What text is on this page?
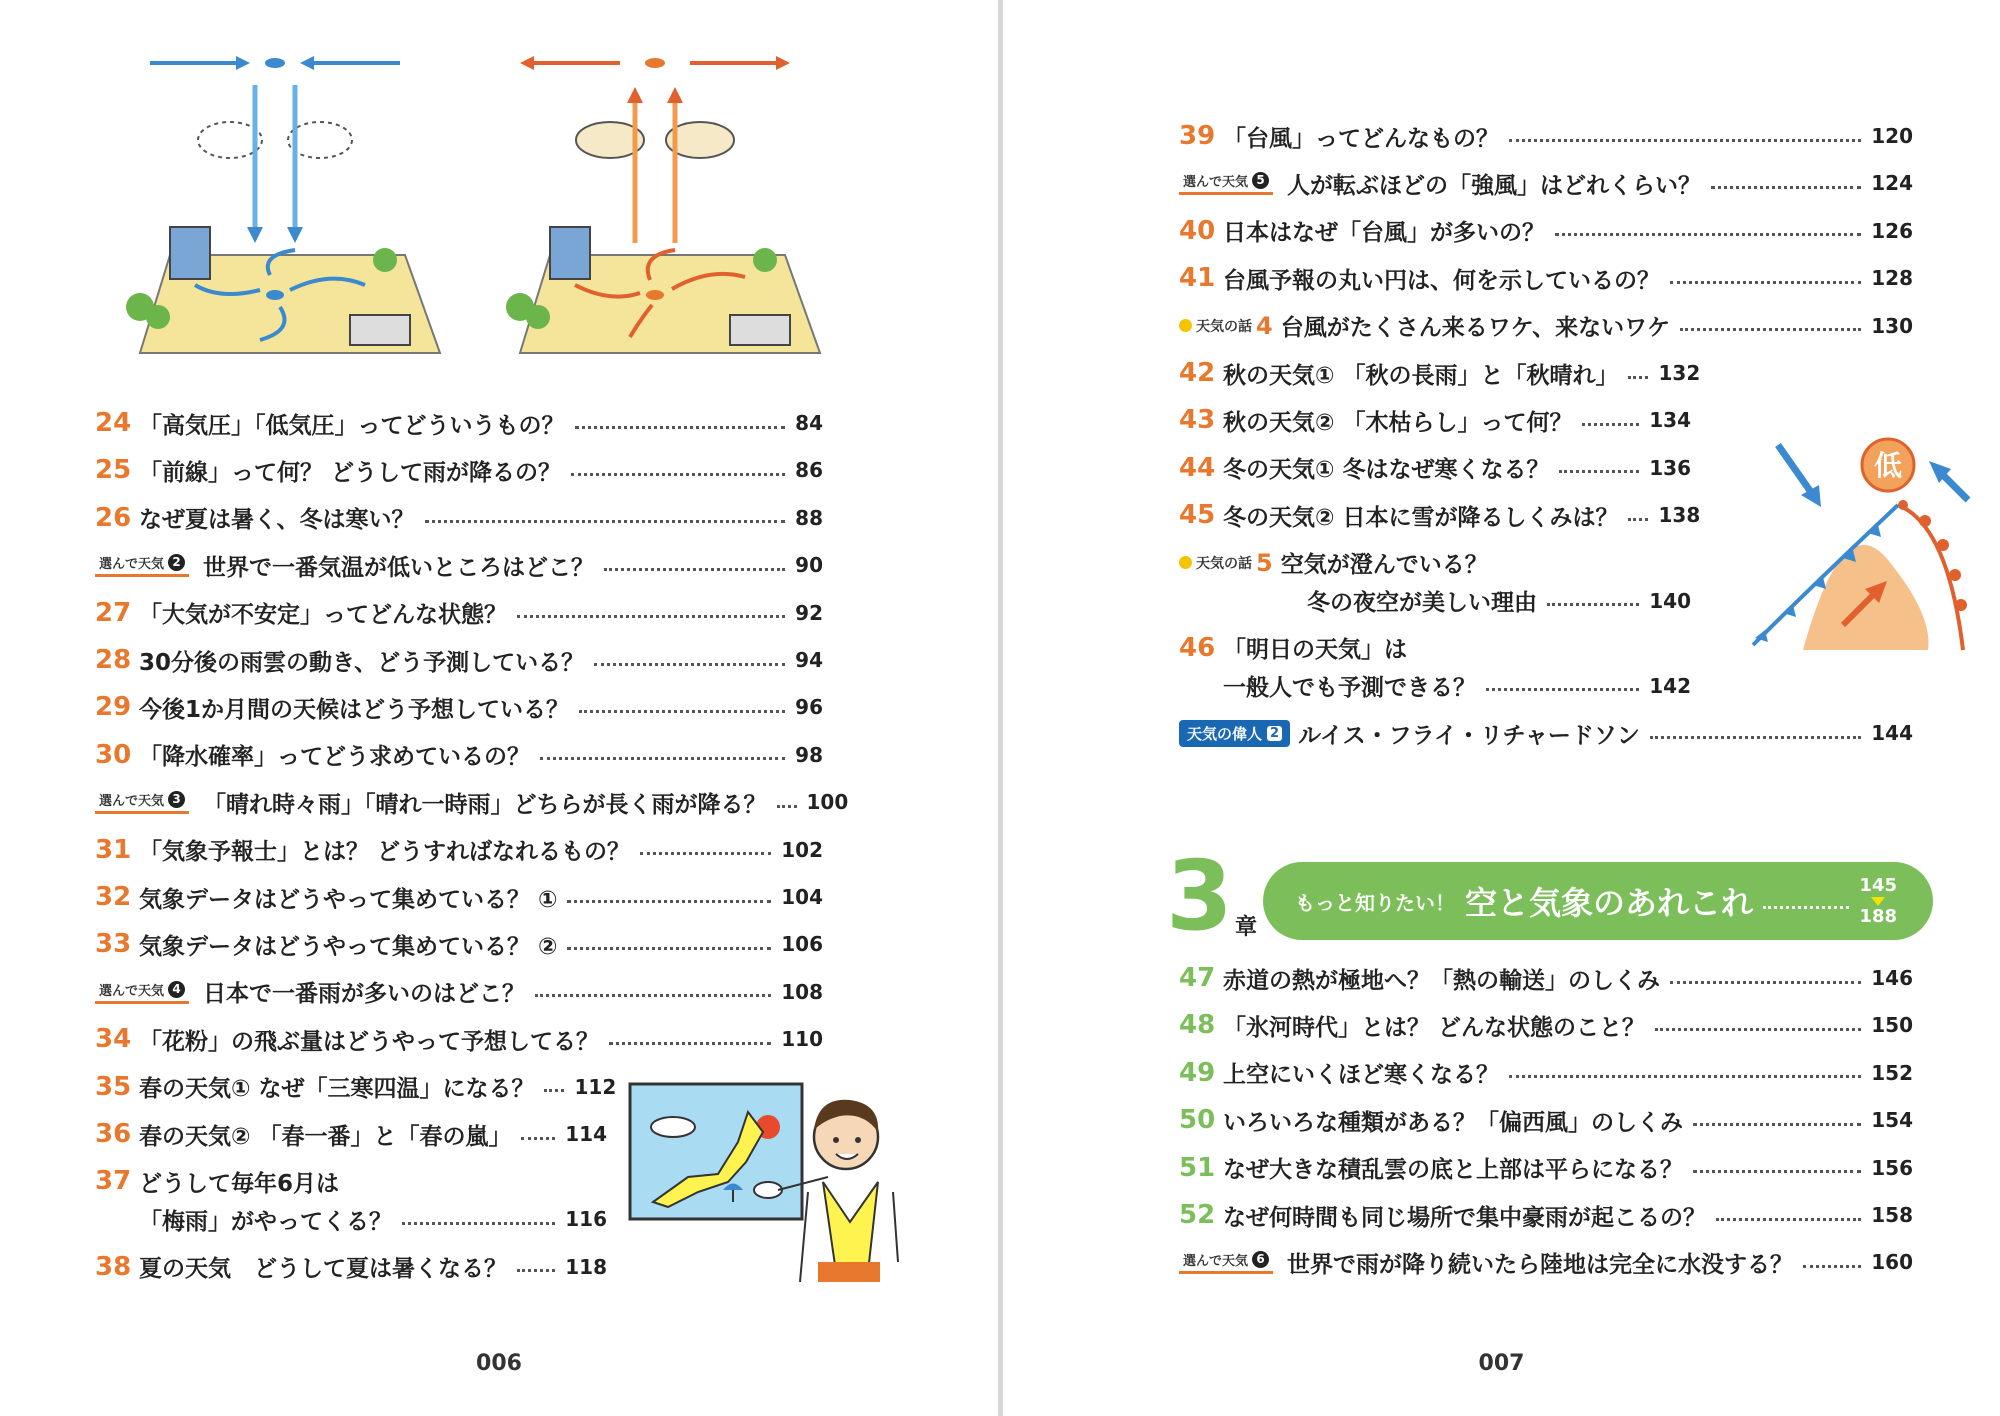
24 「高気圧」「低気圧」ってどういうもの？	84
25 「前線」って何？ どうして雨が降るの？	86
26 なぜ夏は暑く、冬は寒い？	88
選んで天気 2 世界で一番気温が低いところはどこ？	90
27 「大気が不安定」ってどんな状態？	92
28 30分後の雨雲の動き、どう予測している？	94
29 今後1か月間の天候はどう予想している？	96
30 「降水確率」ってどう求めているの？	98
選んで天気 3 「晴れ時々雨」「晴れ一時雨」どちらが長く雨が降る？ 100
31 「気象予報士」とは？ どうすればなれるもの？	102
32 気象データはどうやって集めている？ ①	104
33 気象データはどうやって集めている？ ②	106
選んで天気 4 日本で一番雨が多いのはどこ？	108
34 「花粉」の飛ぶ量はどうやって予想してる？	110
35 春の天気① なぜ「三寒四温」になる？ 112
36 春の天気② 「春一番」と「春の嵐」	114
37 どうして毎年6月は
「梅雨」がやってくる？	116
38 夏の天気　どうして夏は暑くなる？	118
006
39 「台風」ってどんなもの？	120
選んで天気 5 人が転ぶほどの「強風」はどれくらい？	124
40 日本はなぜ「台風」が多いの？	126
41 台風予報の丸い円は、何を示しているの？	128
天気の話 4 台風がたくさん来るワケ、来ないワケ	130
42 秋の天気① 「秋の長雨」と「秋晴れ」 132
43 秋の天気② 「木枯らし」って何？	134
44 冬の天気① 冬はなぜ寒くなる？	136
45 冬の天気② 日本に雪が降るしくみは？ 138
天気の話 5 空気が澄んでいる？
冬の夜空が美しい理由	140
46 「明日の天気」は
一般人でも予測できる？	142
天気の偉人 2 ルイス・フライ・リチャードソン	144
低
3 章
もっと知りたい！ 空と気象のあれこれ	145
188
47 赤道の熱が極地へ？「熱の輸送」のしくみ	146
48 「氷河時代」とは？ どんな状態のこと？	150
49 上空にいくほど寒くなる？	152
50 いろいろな種類がある？「偏西風」のしくみ	154
51 なぜ大きな積乱雲の底と上部は平らになる？	156
52 なぜ何時間も同じ場所で集中豪雨が起こるの？	158
選んで天気 6 世界で雨が降り続いたら陸地は完全に水没する？	160
007
